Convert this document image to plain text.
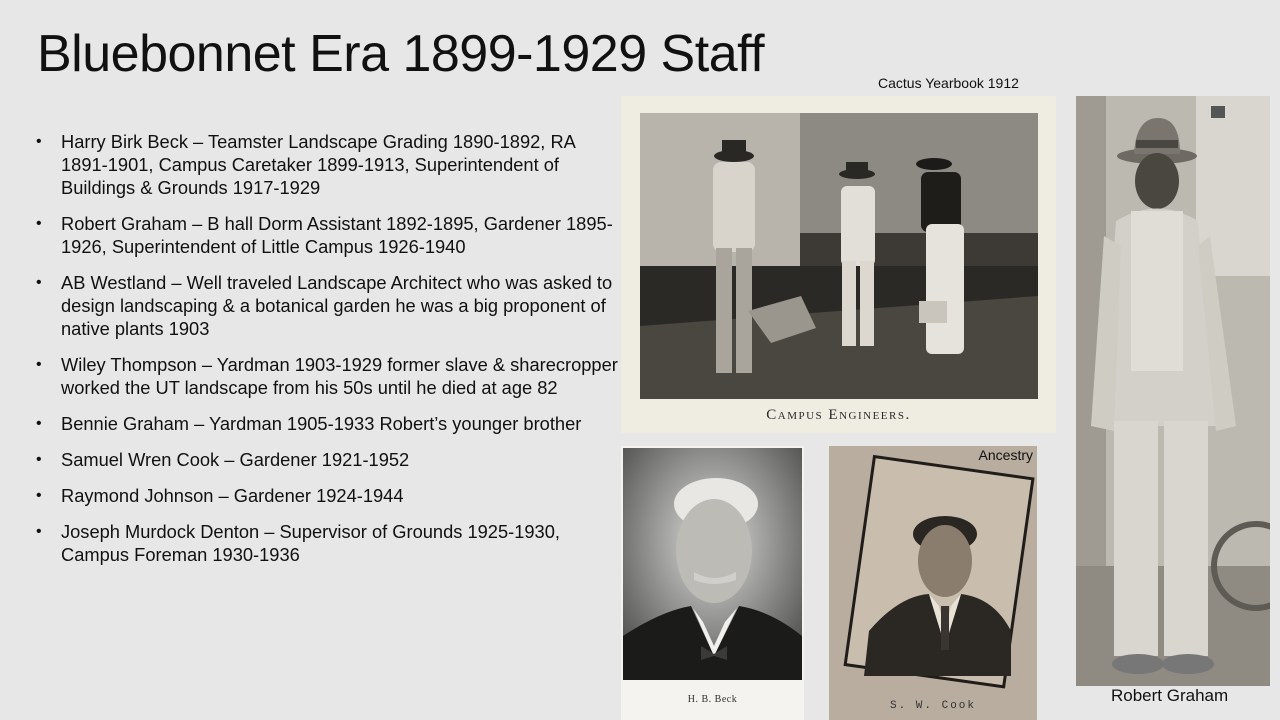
Bluebonnet Era 1899-1929 Staff
• Harry Birk Beck – Teamster Landscape Grading 1890-1892, RA 1891-1901, Campus Caretaker 1899-1913, Superintendent of Buildings & Grounds 1917-1929
• Robert Graham – B hall Dorm Assistant 1892-1895, Gardener 1895-1926, Superintendent of Little Campus 1926-1940
• AB Westland – Well traveled Landscape Architect who was asked to design landscaping & a botanical garden he was a big proponent of native plants 1903
• Wiley Thompson – Yardman 1903-1929 former slave & sharecropper worked the UT landscape from his 50s until he died at age 82
• Bennie Graham – Yardman 1905-1933 Robert’s younger brother
• Samuel Wren Cook – Gardener 1921-1952
• Raymond Johnson – Gardener 1924-1944
• Joseph Murdock Denton – Supervisor of Grounds 1925-1930, Campus Foreman 1930-1936
Cactus Yearbook 1912
Campus Engineers.
Robert Graham
H. B. Beck
Ancestry
S. W. Cook
